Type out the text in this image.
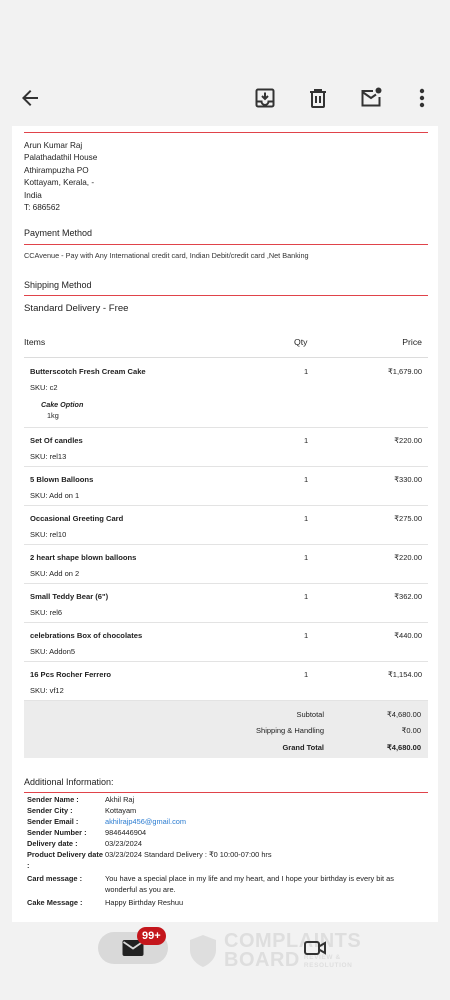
Arun Kumar Raj
Palathadathil House
Athirampuzha PO
Kottayam, Kerala, -
India
T: 686562
Payment Method
CCAvenue - Pay with Any International credit card, Indian Debit/credit card ,Net Banking
Shipping Method
Standard Delivery - Free
Items	Qty	Price

Butterscotch Fresh Cream Cake
SKU: c2
Cake Option
1kg	1	₹1,679.00

Set Of candles
SKU: rel13	1	₹220.00

5 Blown Balloons
SKU: Add on 1	1	₹330.00

Occasional Greeting Card
SKU: rel10	1	₹275.00

2 heart shape blown balloons
SKU: Add on 2	1	₹220.00

Small Teddy Bear (6")
SKU: rel6	1	₹362.00

celebrations Box of chocolates
SKU: Addon5	1	₹440.00

16 Pcs Rocher Ferrero
SKU: vf12	1	₹1,154.00
Subtotal	₹4,680.00
Shipping & Handling	₹0.00
Grand Total	₹4,680.00
Additional Information:
Sender Name :	Akhil Raj
Sender City :	Kottayam
Sender Email :	akhilrajp456@gmail.com
Sender Number :	9846446904
Delivery date :	03/23/2024
Product Delivery date :
03/23/2024 Standard Delivery : ₹0 10:00-07:00 hrs
Card message :	You have a special place in my life and my heart, and I hope your birthday is every bit as wonderful as you are.
Cake Message :	Happy Birthday Reshuu
99+	COMPLAINTS
BOARD REVIEW & RESOLUTION
